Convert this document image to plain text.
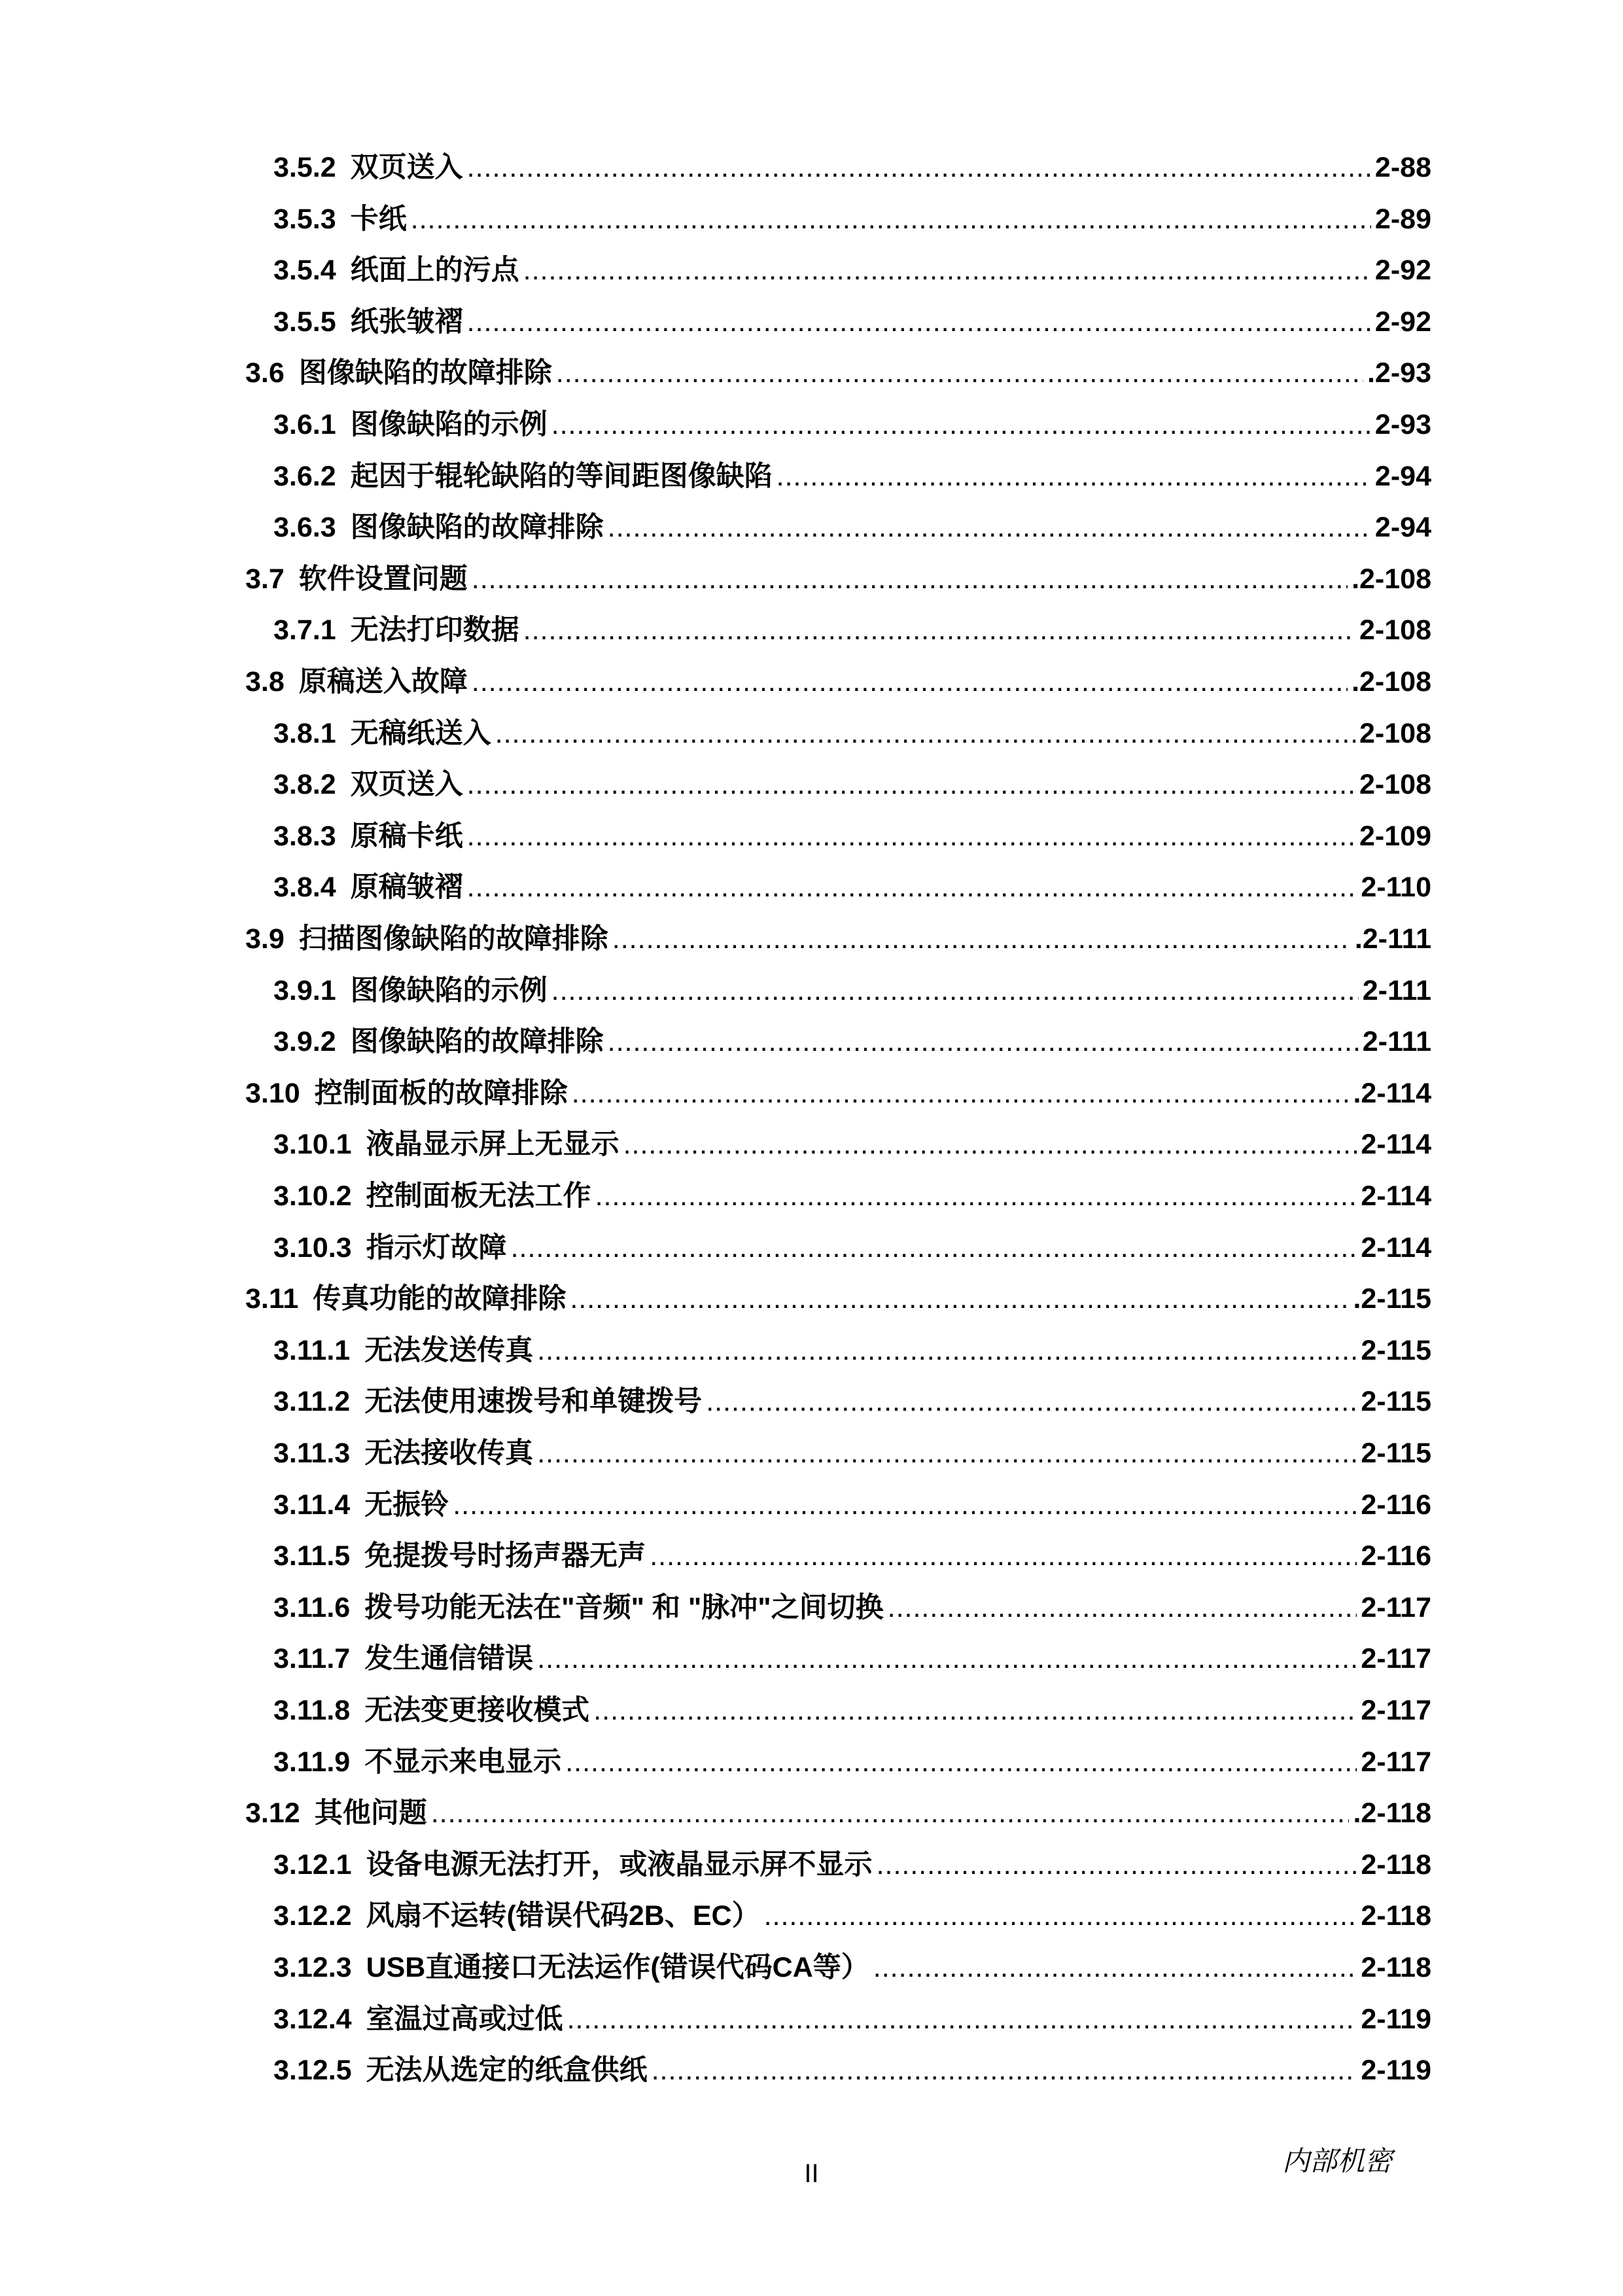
3.5.2 双页送入 .....	2-88
3.5.3 卡纸 .....	2-89
3.5.4 纸面上的污点 .....	2-92
3.5.5 纸张皱褶 .....	2-92
3.6 图像缺陷的故障排除 .....	.2-93
3.6.1 图像缺陷的示例 .....	2-93
3.6.2 起因于辊轮缺陷的等间距图像缺陷 .....	2-94
3.6.3 图像缺陷的故障排除 .....	2-94
3.7 软件设置问题 .....	.2-108
3.7.1 无法打印数据 .....	2-108
3.8 原稿送入故障 .....	.2-108
3.8.1 无稿纸送入 .....	2-108
3.8.2 双页送入 .....	2-108
3.8.3 原稿卡纸 .....	2-109
3.8.4 原稿皱褶 .....	2-110
3.9 扫描图像缺陷的故障排除 .....	.2-111
3.9.1 图像缺陷的示例 .....	2-111
3.9.2 图像缺陷的故障排除 .....	2-111
3.10 控制面板的故障排除 .....	.2-114
3.10.1 液晶显示屏上无显示 .....	2-114
3.10.2 控制面板无法工作 .....	2-114
3.10.3 指示灯故障 .....	2-114
3.11 传真功能的故障排除 .....	.2-115
3.11.1 无法发送传真 .....	2-115
3.11.2 无法使用速拨号和单键拨号 .....	2-115
3.11.3 无法接收传真 .....	2-115
3.11.4 无振铃 .....	2-116
3.11.5 免提拨号时扬声器无声 .....	2-116
3.11.6 拨号功能无法在"音频" 和 "脉冲"之间切换 .....	2-117
3.11.7 发生通信错误 .....	2-117
3.11.8 无法变更接收模式 .....	2-117
3.11.9 不显示来电显示 .....	2-117
3.12 其他问题 .....	.2-118
3.12.1 设备电源无法打开，或液晶显示屏不显示 .....	2-118
3.12.2 风扇不运转(错误代码2B、EC） .....	2-118
3.12.3 USB直通接口无法运作(错误代码CA等） .....	2-118
3.12.4 室温过高或过低 .....	2-119
3.12.5 无法从选定的纸盒供纸 .....	2-119
II	内部机密
